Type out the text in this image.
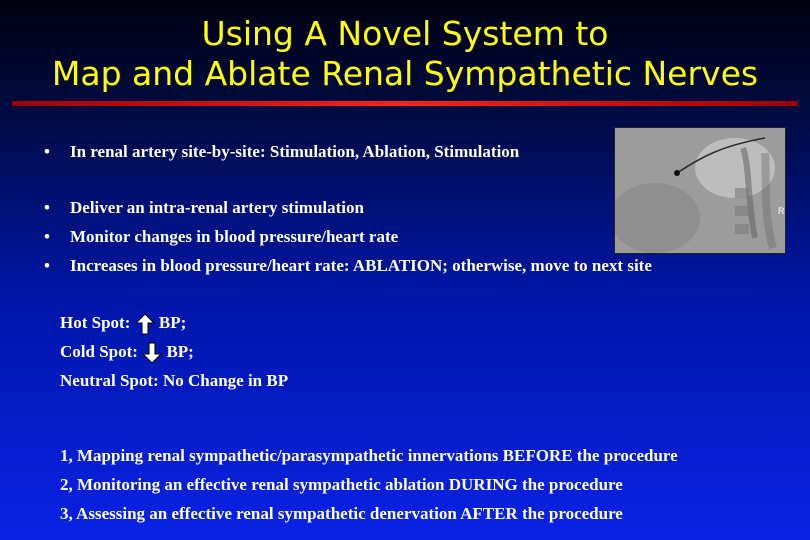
Using A Novel System to
Map and Ablate Renal Sympathetic Nerves
• In renal artery site-by-site: Stimulation, Ablation, Stimulation
R
• Deliver an intra-renal artery stimulation
• Monitor changes in blood pressure/heart rate
• Increases in blood pressure/heart rate: ABLATION; otherwise, move to next site
Hot Spot: BP;
Cold Spot: BP;
Neutral Spot: No Change in BP
1, Mapping renal sympathetic/parasympathetic innervations BEFORE the procedure
2, Monitoring an effective renal sympathetic ablation DURING the procedure
3, Assessing an effective renal sympathetic denervation AFTER the procedure
